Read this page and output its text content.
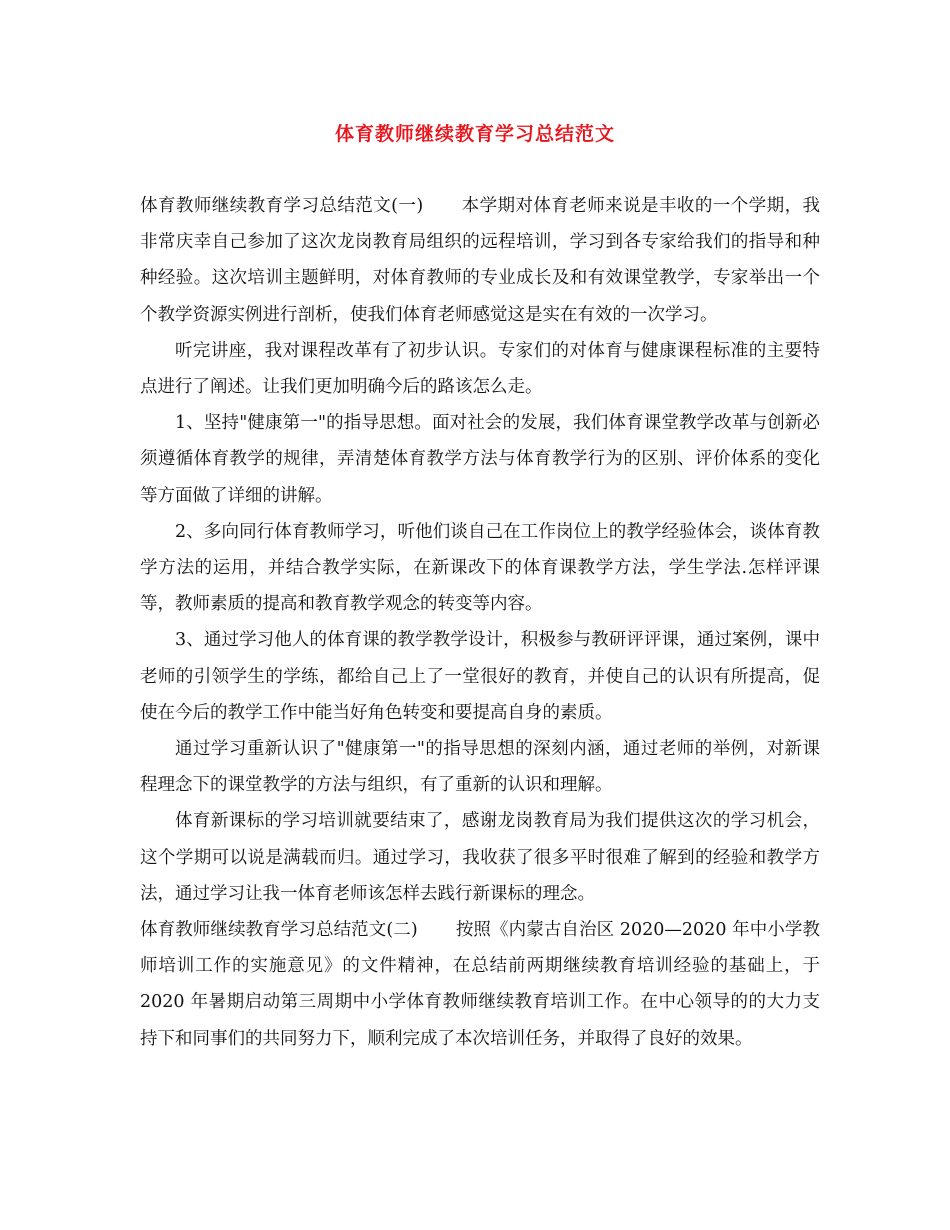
体育教师继续教育学习总结范文

体育教师继续教育学习总结范文(一) 本学期对体育老师来说是丰收的一个学期，我非常庆幸自己参加了这次龙岗教育局组织的远程培训，学习到各专家给我们的指导和种种经验。这次培训主题鲜明，对体育教师的专业成长及和有效课堂教学，专家举出一个个教学资源实例进行剖析，使我们体育老师感觉这是实在有效的一次学习。

听完讲座，我对课程改革有了初步认识。专家们的对体育与健康课程标准的主要特点进行了阐述。让我们更加明确今后的路该怎么走。

1、坚持"健康第一"的指导思想。面对社会的发展，我们体育课堂教学改革与创新必须遵循体育教学的规律，弄清楚体育教学方法与体育教学行为的区别、评价体系的变化等方面做了详细的讲解。

2、多向同行体育教师学习，听他们谈自己在工作岗位上的教学经验体会，谈体育教学方法的运用，并结合教学实际，在新课改下的体育课教学方法，学生学法.怎样评课等，教师素质的提高和教育教学观念的转变等内容。

3、通过学习他人的体育课的教学教学设计，积极参与教研评评课，通过案例，课中老师的引领学生的学练，都给自己上了一堂很好的教育，并使自己的认识有所提高，促使在今后的教学工作中能当好角色转变和要提高自身的素质。

通过学习重新认识了"健康第一"的指导思想的深刻内涵，通过老师的举例，对新课程理念下的课堂教学的方法与组织，有了重新的认识和理解。

体育新课标的学习培训就要结束了，感谢龙岗教育局为我们提供这次的学习机会，这个学期可以说是满载而归。通过学习，我收获了很多平时很难了解到的经验和教学方法，通过学习让我一体育老师该怎样去践行新课标的理念。

体育教师继续教育学习总结范文(二) 按照《内蒙古自治区 2020—2020 年中小学教师培训工作的实施意见》的文件精神，在总结前两期继续教育培训经验的基础上，于 2020 年暑期启动第三周期中小学体育教师继续教育培训工作。在中心领导的的大力支持下和同事们的共同努力下，顺利完成了本次培训任务，并取得了良好的效果。
